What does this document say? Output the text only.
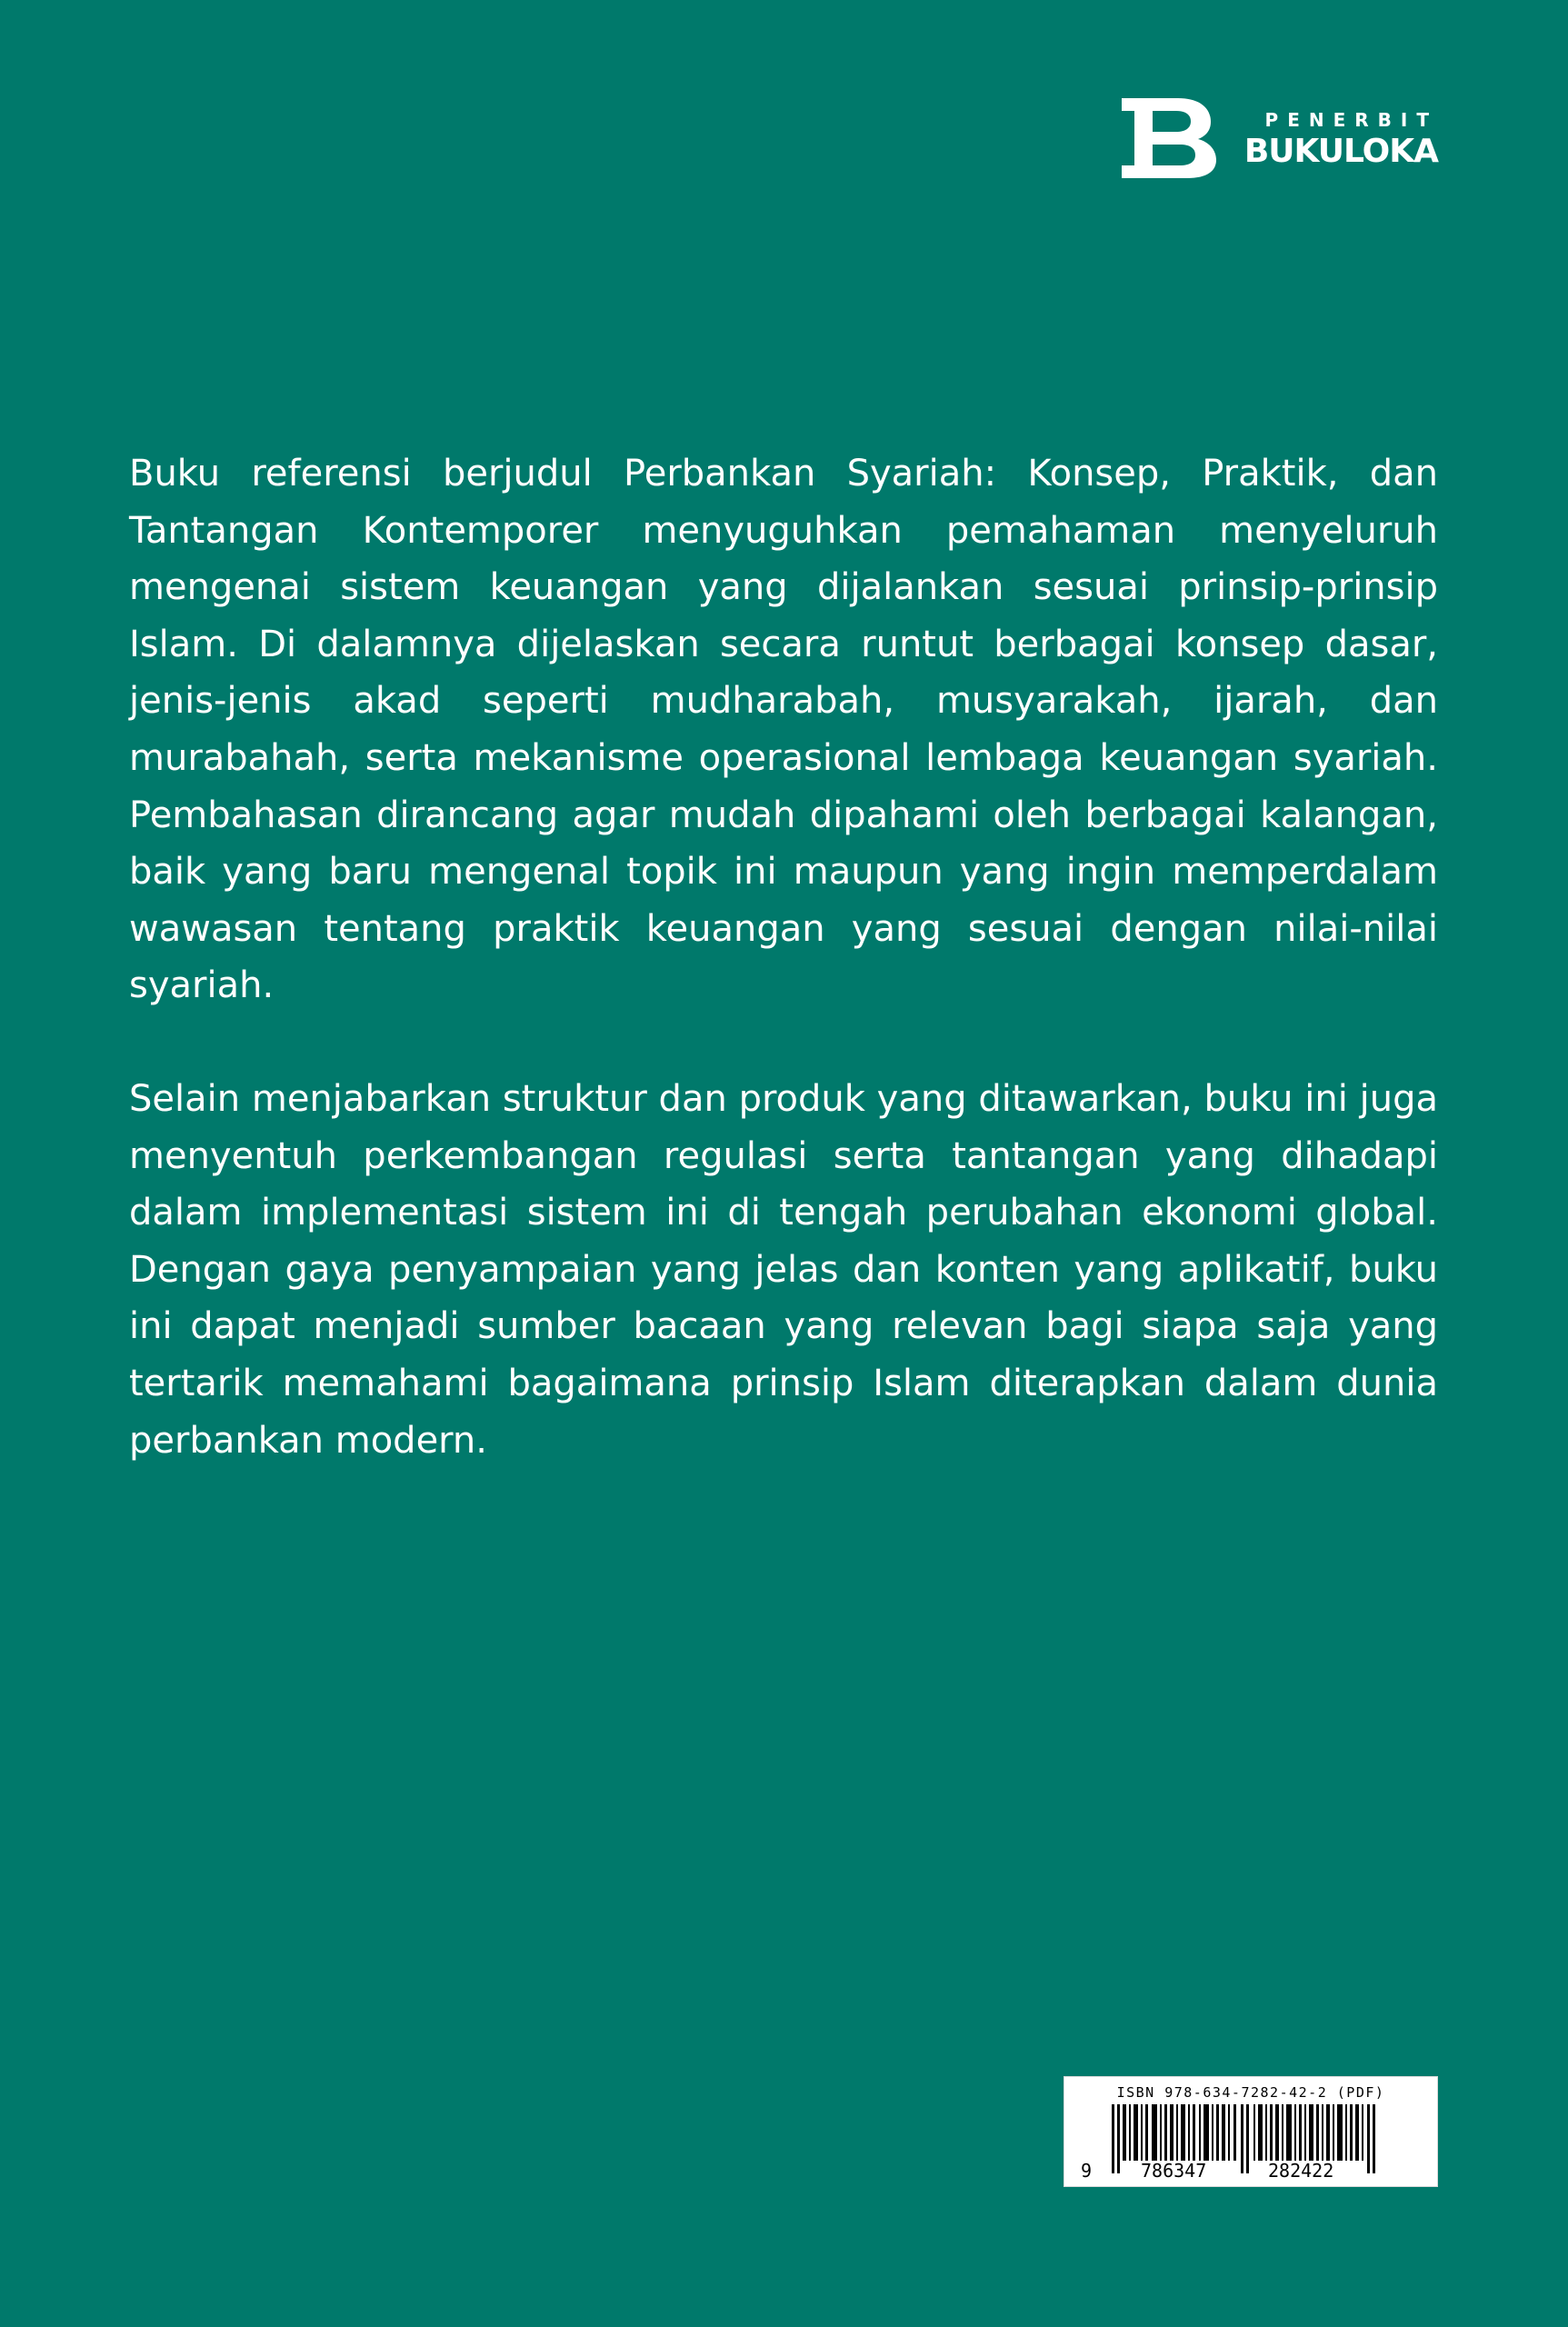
PENERBIT
BUKULOKA

Buku referensi berjudul Perbankan Syariah: Konsep, Praktik, dan Tantangan Kontemporer menyuguhkan pemahaman menyeluruh mengenai sistem keuangan yang dijalankan sesuai prinsip-prinsip Islam. Di dalamnya dijelaskan secara runtut berbagai konsep dasar, jenis-jenis akad seperti mudharabah, musyarakah, ijarah, dan murabahah, serta mekanisme operasional lembaga keuangan syariah. Pembahasan dirancang agar mudah dipahami oleh berbagai kalangan, baik yang baru mengenal topik ini maupun yang ingin memperdalam wawasan tentang praktik keuangan yang sesuai dengan nilai-nilai syariah.

Selain menjabarkan struktur dan produk yang ditawarkan, buku ini juga menyentuh perkembangan regulasi serta tantangan yang dihadapi dalam implementasi sistem ini di tengah perubahan ekonomi global. Dengan gaya penyampaian yang jelas dan konten yang aplikatif, buku ini dapat menjadi sumber bacaan yang relevan bagi siapa saja yang tertarik memahami bagaimana prinsip Islam diterapkan dalam dunia perbankan modern.

ISBN 978-634-7282-42-2 (PDF)
9	786347	282422
